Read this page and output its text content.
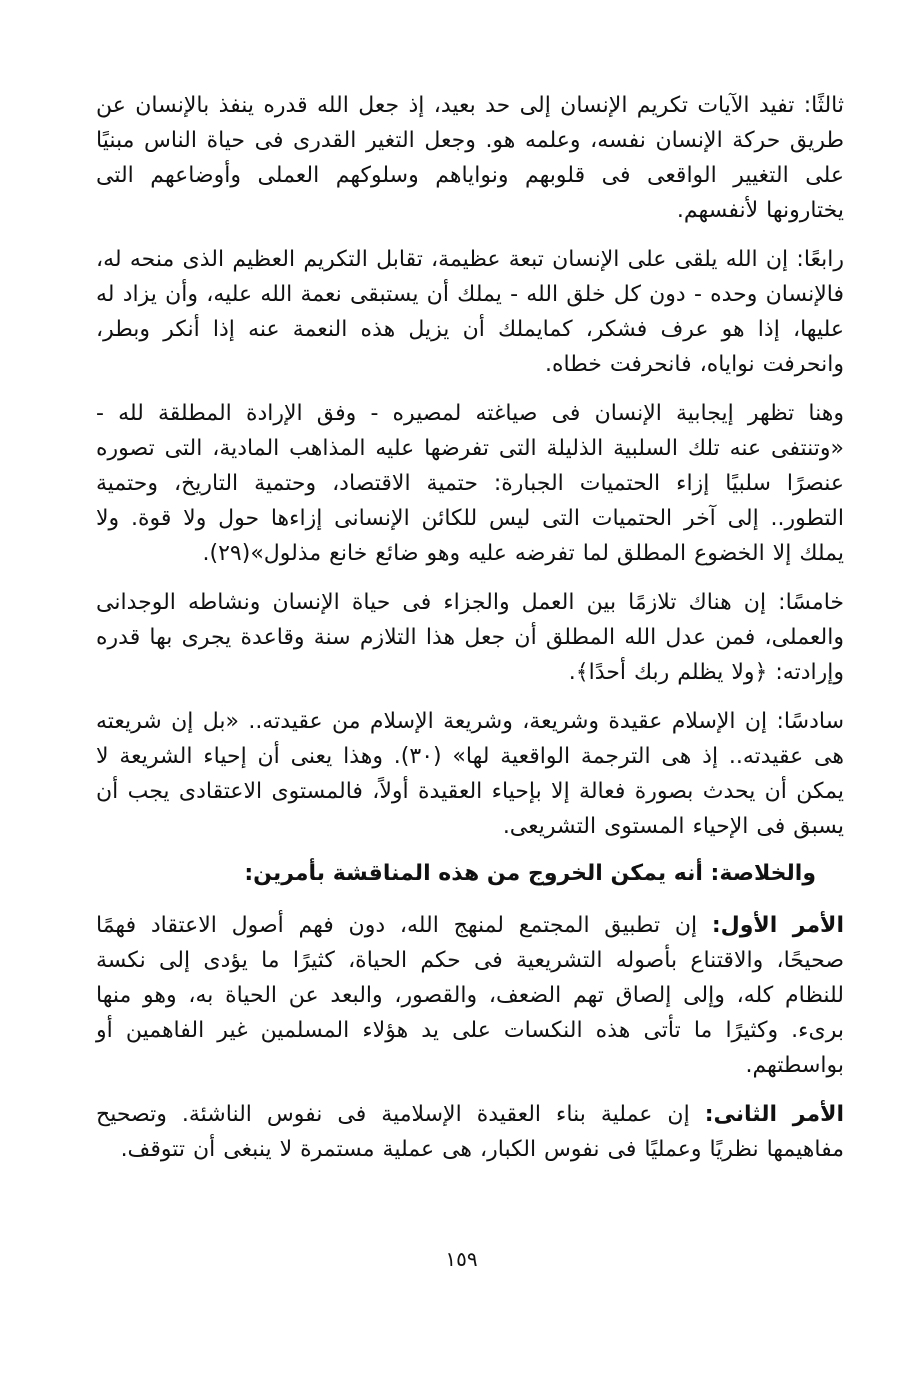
ثالثًا: تفيد الآيات تكريم الإنسان إلى حد بعيد، إذ جعل الله قدره ينفذ بالإنسان عن طريق حركة الإنسان نفسه، وعلمه هو. وجعل التغير القدرى فى حياة الناس مبنيًا على التغيير الواقعى فى قلوبهم ونواياهم وسلوكهم العملى وأوضاعهم التى يختارونها لأنفسهم.

رابعًا: إن الله يلقى على الإنسان تبعة عظيمة، تقابل التكريم العظيم الذى منحه له، فالإنسان وحده - دون كل خلق الله - يملك أن يستبقى نعمة الله عليه، وأن يزاد له عليها، إذا هو عرف فشكر، كمايملك أن يزيل هذه النعمة عنه إذا أنكر وبطر، وانحرفت نواياه، فانحرفت خطاه.

وهنا تظهر إيجابية الإنسان فى صياغته لمصيره - وفق الإرادة المطلقة لله - «وتنتفى عنه تلك السلبية الذليلة التى تفرضها عليه المذاهب المادية، التى تصوره عنصرًا سلبيًا إزاء الحتميات الجبارة: حتمية الاقتصاد، وحتمية التاريخ، وحتمية التطور.. إلى آخر الحتميات التى ليس للكائن الإنسانى إزاءها حول ولا قوة. ولا يملك إلا الخضوع المطلق لما تفرضه عليه وهو ضائع خانع مذلول»(٢٩).

خامسًا: إن هناك تلازمًا بين العمل والجزاء فى حياة الإنسان ونشاطه الوجدانى والعملى، فمن عدل الله المطلق أن جعل هذا التلازم سنة وقاعدة يجرى بها قدره وإرادته: ﴿ولا يظلم ربك أحدًا﴾.

سادسًا: إن الإسلام عقيدة وشريعة، وشريعة الإسلام من عقيدته.. «بل إن شريعته هى عقيدته.. إذ هى الترجمة الواقعية لها» (٣٠). وهذا يعنى أن إحياء الشريعة لا يمكن أن يحدث بصورة فعالة إلا بإحياء العقيدة أولاً، فالمستوى الاعتقادى يجب أن يسبق فى الإحياء المستوى التشريعى.

والخلاصة: أنه يمكن الخروج من هذه المناقشة بأمرين:

الأمر الأول: إن تطبيق المجتمع لمنهج الله، دون فهم أصول الاعتقاد فهمًا صحيحًا، والاقتناع بأصوله التشريعية فى حكم الحياة، كثيرًا ما يؤدى إلى نكسة للنظام كله، وإلى إلصاق تهم الضعف، والقصور، والبعد عن الحياة به، وهو منها برىء. وكثيرًا ما تأتى هذه النكسات على يد هؤلاء المسلمين غير الفاهمين أو بواسطتهم.

الأمر الثانى: إن عملية بناء العقيدة الإسلامية فى نفوس الناشئة. وتصحيح مفاهيمها نظريًا وعمليًا فى نفوس الكبار، هى عملية مستمرة لا ينبغى أن تتوقف.

١٥٩
